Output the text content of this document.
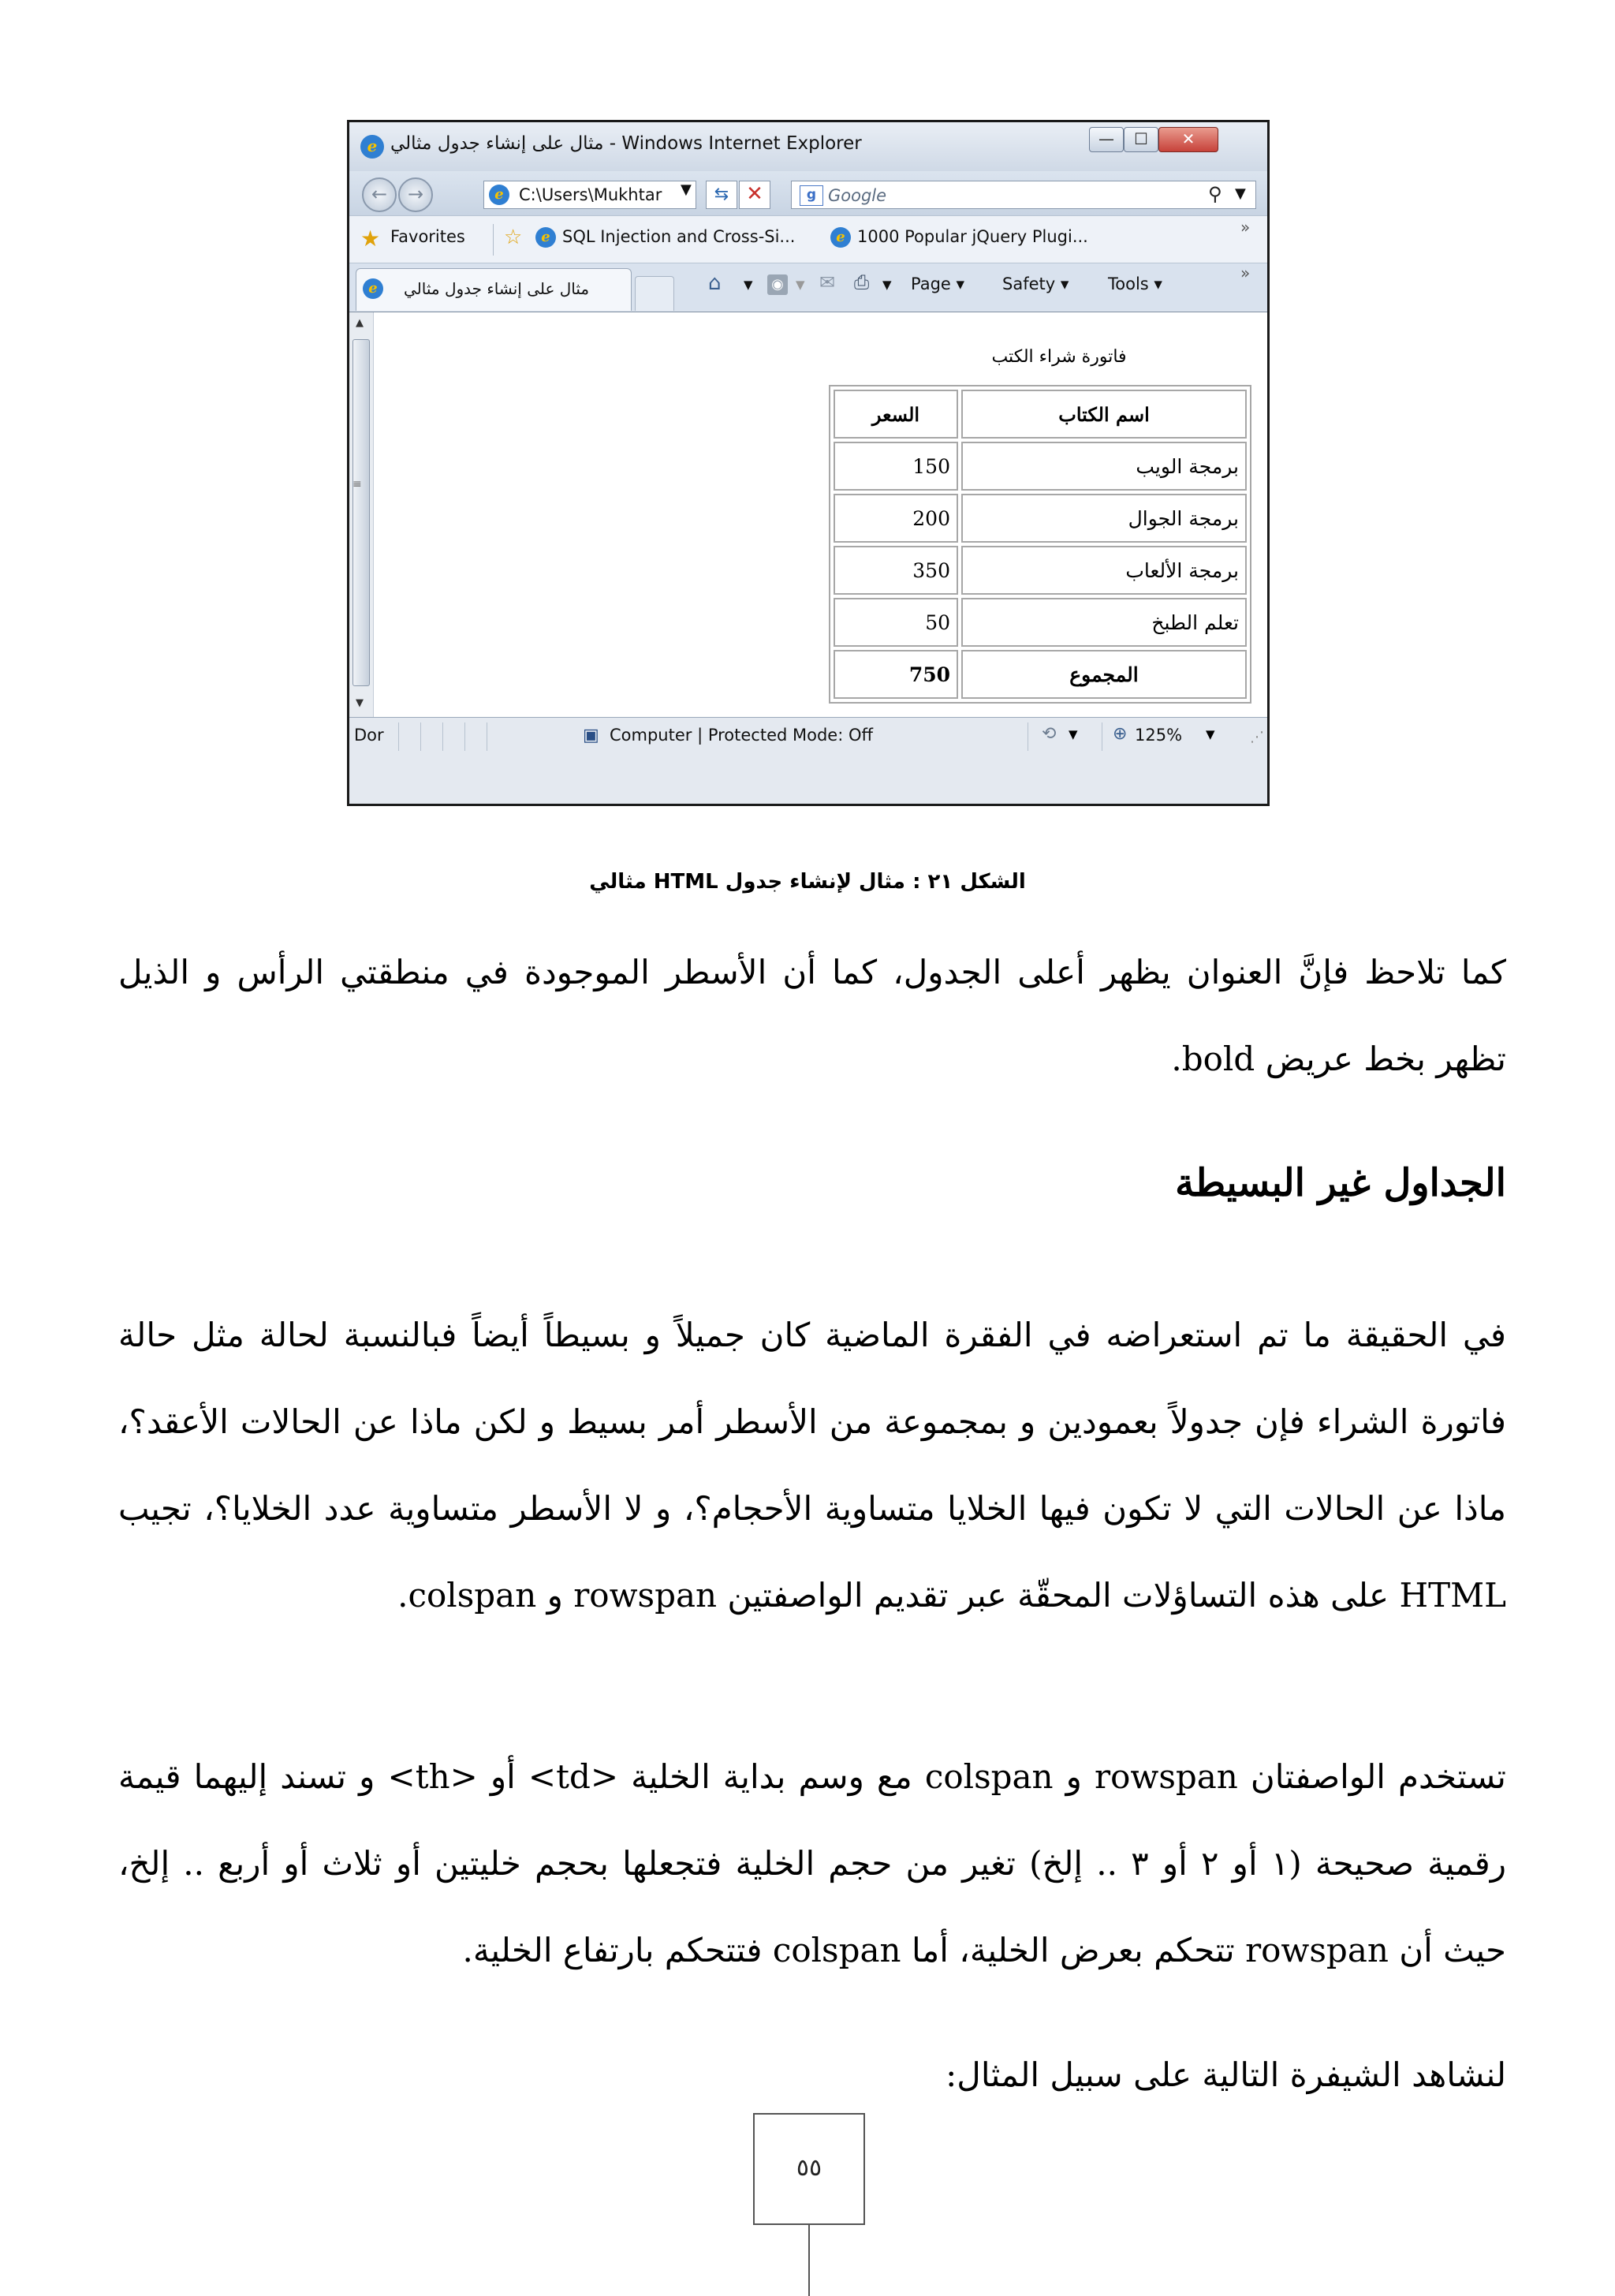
e مثال على إنشاء جدول مثالي - Windows Internet Explorer	—	☐	✕
←	→	e C:\Users\Mukhtar ▼	⇆ ✕	g Google	⚲ ▼
★ Favorites ☆	e SQL Injection and Cross-Si...	e 1000 Popular jQuery Plugi...	»
e	مثال على إنشاء جدول مثالي	⌂ ▼ ◉	▼ ✉ ⎙ ▼ Page ▾ Safety ▾ Tools ▾
»
▲
≡
▼
فاتورة شراء الكتب
اسم الكتاب	السعر
برمجة الويب	150
برمجة الجوال	200
برمجة الألعاب	350
تعلم الطبخ	50
المجموع	750
Dor	▣ Computer | Protected Mode: Off	⟲ ▼ ⊕ 125% ▼ ⋰
الشكل ٢١ : مثال لإنشاء جدول HTML مثالي

كما تلاحظ فإنَّ العنوان يظهر أعلى الجدول، كما أن الأسطر الموجودة في منطقتي الرأس و الذيل تظهر بخط عريض bold.

الجداول غير البسيطة

في الحقيقة ما تم استعراضه في الفقرة الماضية كان جميلاً و بسيطاً أيضاً فبالنسبة لحالة مثل حالة فاتورة الشراء فإن جدولاً بعمودين و بمجموعة من الأسطر أمر بسيط و لكن ماذا عن الحالات الأعقد؟، ماذا عن الحالات التي لا تكون فيها الخلايا متساوية الأحجام؟، و لا الأسطر متساوية عدد الخلايا؟، تجيب HTML على هذه التساؤلات المحقّة عبر تقديم الواصفتين rowspan و colspan.

تستخدم الواصفتان rowspan و colspan مع وسم بداية الخلية <td> أو <th> و تسند إليهما قيمة رقمية صحيحة (١ أو ٢ أو ٣ .. إلخ) تغير من حجم الخلية فتجعلها بحجم خليتين أو ثلاث أو أربع .. إلخ، حيث أن rowspan تتحكم بعرض الخلية، أما colspan فتتحكم بارتفاع الخلية.

لنشاهد الشيفرة التالية على سبيل المثال:

٥٥
